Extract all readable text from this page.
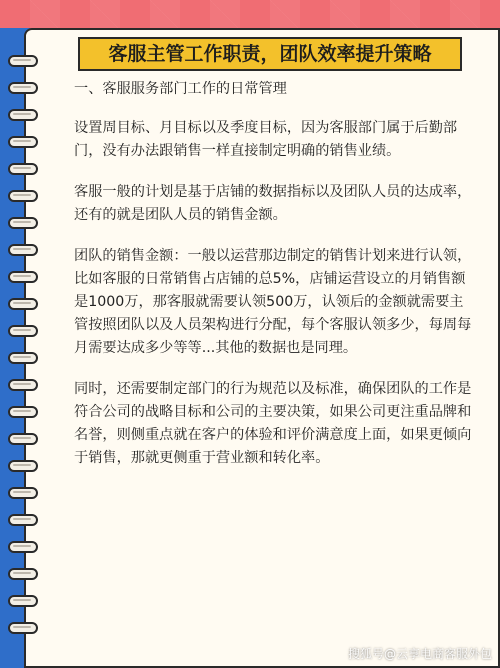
客服主管工作职责，团队效率提升策略

一、客服服务部门工作的日常管理

设置周目标、月目标以及季度目标，因为客服部门属于后勤部门，没有办法跟销售一样直接制定明确的销售业绩。

客服一般的计划是基于店铺的数据指标以及团队人员的达成率，还有的就是团队人员的销售金额。

团队的销售金额：一般以运营那边制定的销售计划来进行认领，比如客服的日常销售占店铺的总5%，店铺运营设立的月销售额是1000万，那客服就需要认领500万，认领后的金额就需要主管按照团队以及人员架构进行分配，每个客服认领多少，每周每月需要达成多少等等...其他的数据也是同理。

同时，还需要制定部门的行为规范以及标准，确保团队的工作是符合公司的战略目标和公司的主要决策，如果公司更注重品牌和名誉，则侧重点就在客户的体验和评价满意度上面，如果更倾向于销售，那就更侧重于营业额和转化率。

搜狐号@云享电商客服外包
